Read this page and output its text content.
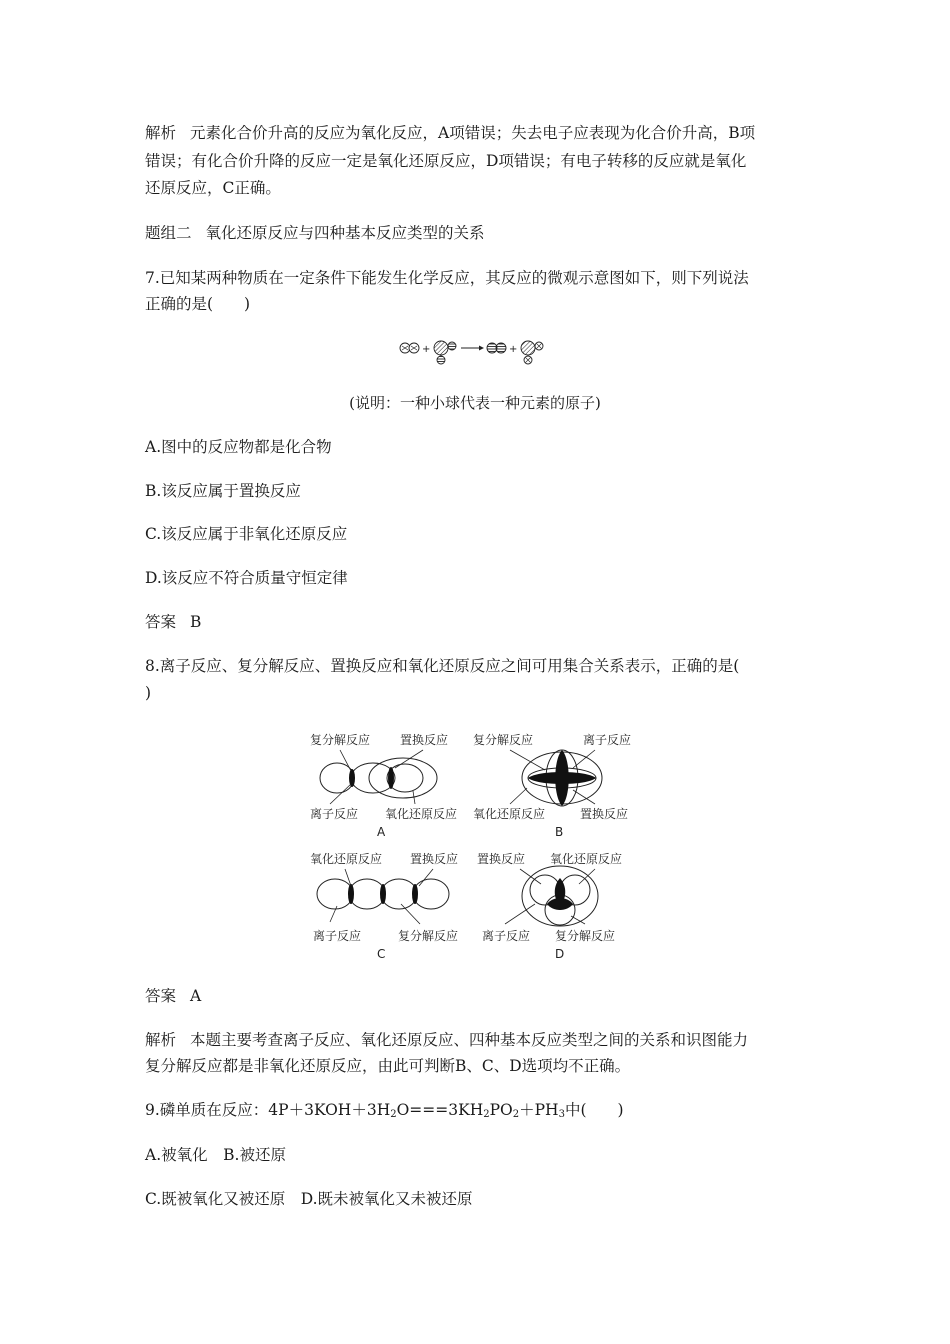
解析 元素化合价升高的反应为氧化反应，A项错误；失去电子应表现为化合价升高，B项
错误；有化合价升降的反应一定是氧化还原反应，D项错误；有电子转移的反应就是氧化
还原反应，C正确。
题组二 氧化还原反应与四种基本反应类型的关系
7.已知某两种物质在一定条件下能发生化学反应，其反应的微观示意图如下，则下列说法
正确的是(　　)
+	+
(说明：一种小球代表一种元素的原子)
A.图中的反应物都是化合物
B.该反应属于置换反应
C.该反应属于非氧化还原反应
D.该反应不符合质量守恒定律
答案 B
8.离子反应、复分解反应、置换反应和氧化还原反应之间可用集合关系表示，正确的是(
)
复分解反应 置换反应
离子反应 氧化还原反应
A
复分解反应	离子反应
氧化还原反应	置换反应
B
氧化还原反应 置换反应
离子反应	复分解反应
C
置换反应 氧化还原反应
离子反应 复分解反应
D
答案 A
解析 本题主要考查离子反应、氧化还原反应、四种基本反应类型之间的关系和识图能力
复分解反应都是非氧化还原反应，由此可判断B、C、D选项均不正确。
9.磷单质在反应：$4P+3KOH+3H_2O===3KH_2PO_2+PH_3$中(　　)
A.被氧化　B.被还原
C.既被氧化又被还原　D.既未被氧化又未被还原
